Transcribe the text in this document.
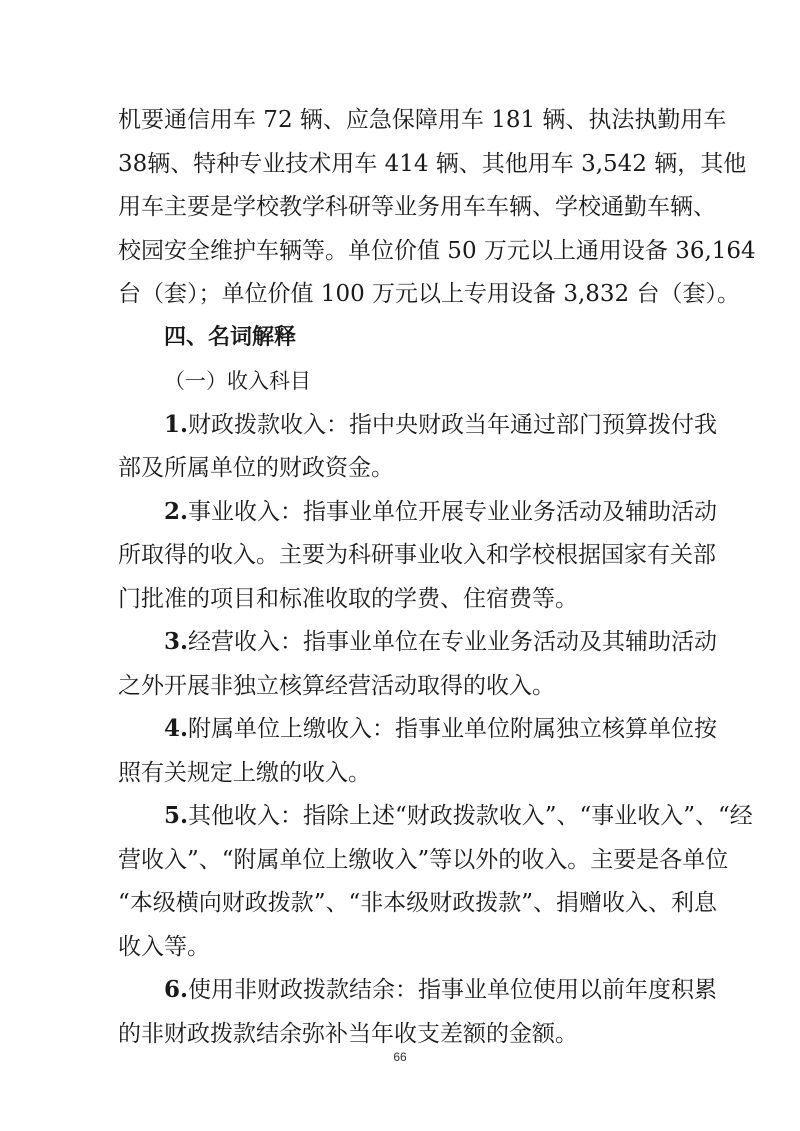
机要通信用车 72 辆、应急保障用车 181 辆、执法执勤用车
38辆、特种专业技术用车 414 辆、其他用车 3,542 辆，其他
用车主要是学校教学科研等业务用车车辆、学校通勤车辆、
校园安全维护车辆等。单位价值 50 万元以上通用设备 36,164
台（套）；单位价值 100 万元以上专用设备 3,832 台（套）。
四、名词解释
（一）收入科目
1.财政拨款收入：指中央财政当年通过部门预算拨付我
部及所属单位的财政资金。
2.事业收入：指事业单位开展专业业务活动及辅助活动
所取得的收入。主要为科研事业收入和学校根据国家有关部
门批准的项目和标准收取的学费、住宿费等。
3.经营收入：指事业单位在专业业务活动及其辅助活动
之外开展非独立核算经营活动取得的收入。
4.附属单位上缴收入：指事业单位附属独立核算单位按
照有关规定上缴的收入。
5.其他收入：指除上述“财政拨款收入”、“事业收入”、“经
营收入”、“附属单位上缴收入”等以外的收入。主要是各单位
“本级横向财政拨款”、“非本级财政拨款”、捐赠收入、利息
收入等。
6.使用非财政拨款结余：指事业单位使用以前年度积累
的非财政拨款结余弥补当年收支差额的金额。
66
